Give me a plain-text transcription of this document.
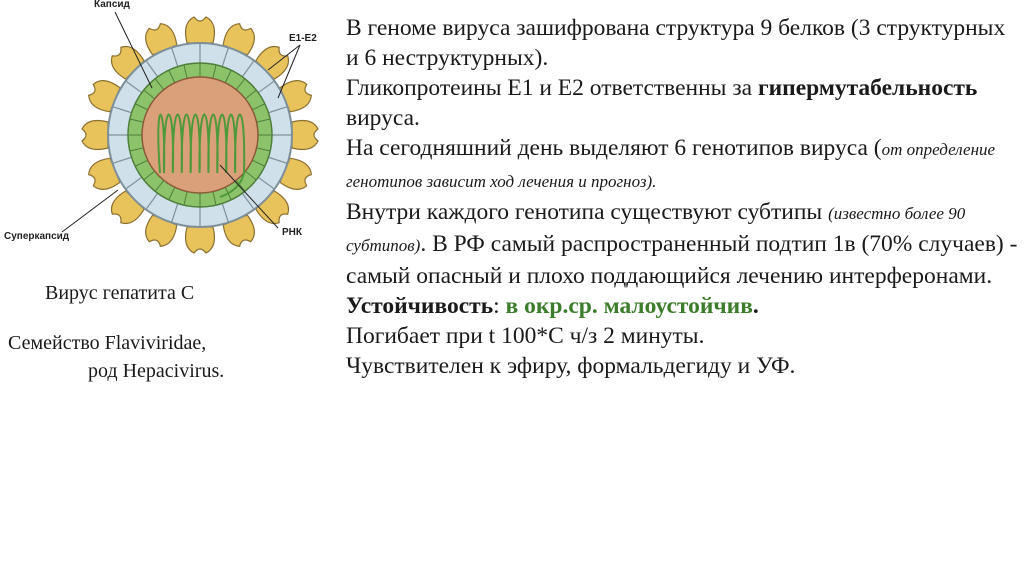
Капсид
Е1-Е2
Суперкапсид	РНК
Вирус гепатита С
Семейство Flaviviridae,
род Hepacivirus.

В геноме вируса зашифрована структура 9 белков (3 структурных и 6 неструктурных).

Гликопротеины Е1 и Е2 ответственны за гипермутабельность вируса.

На сегодняшний день выделяют 6 генотипов вируса (от определение генотипов зависит ход лечения и прогноз).

Внутри каждого генотипа существуют субтипы (известно более 90 субтипов). В РФ самый распространенный подтип 1в (70% случаев) - самый опасный и плохо поддающийся лечению интерферонами.

Устойчивость: в окр.ср. малоустойчив.

Погибает при t 100*С ч/з 2 минуты.

Чувствителен к эфиру, формальдегиду и УФ.
